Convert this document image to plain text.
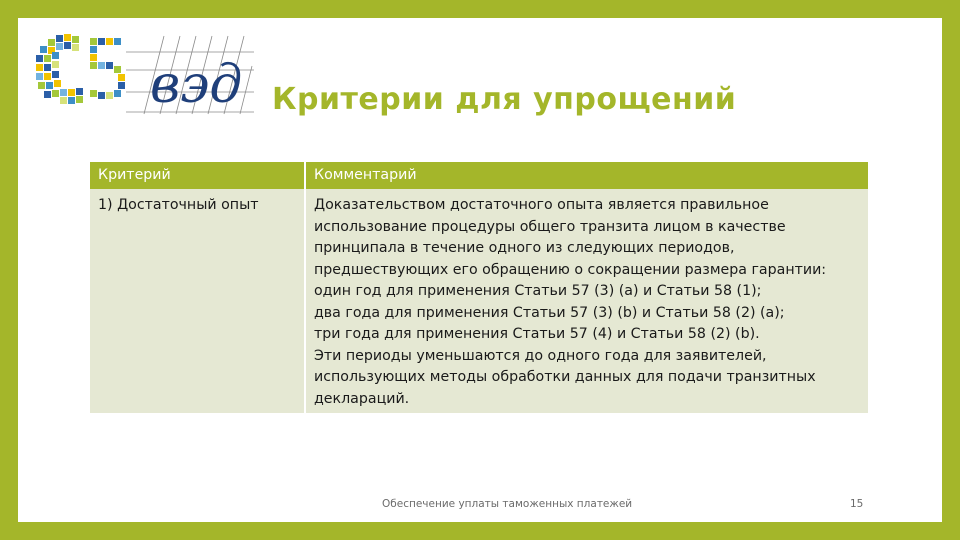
вэд Критерии для упрощений
Критерий	Комментарий
1) Достаточный опыт	Доказательством достаточного опыта является правильное
использование процедуры общего транзита лицом в качестве
принципала в течение одного из следующих периодов,
предшествующих его обращению о сокращении размера гарантии:
один год для применения Статьи 57 (3) (a) и Статьи 58 (1);
два года для применения Статьи 57 (3) (b) и Статьи 58 (2) (a);
три года для применения Статьи 57 (4) и Статьи 58 (2) (b).
Эти периоды уменьшаются до одного года для заявителей,
использующих методы обработки данных для подачи транзитных
деклараций.
Обеспечение уплаты таможенных платежей	15
